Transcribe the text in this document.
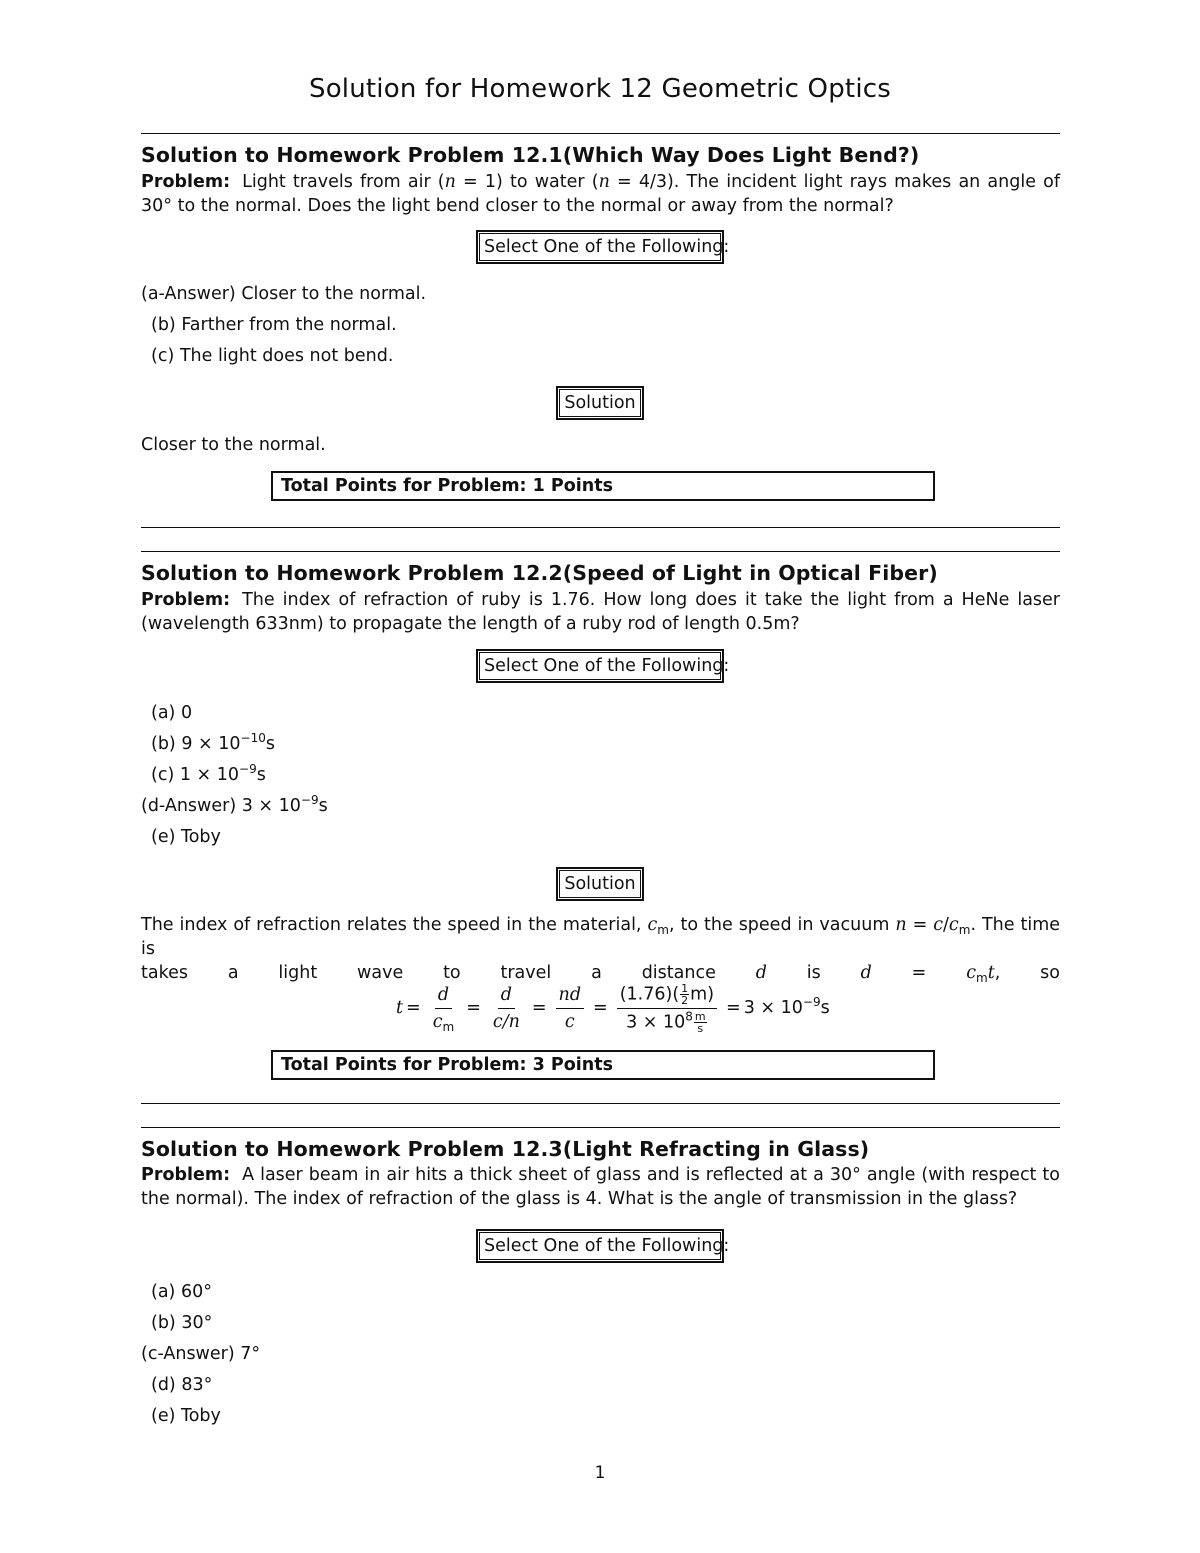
Solution for Homework 12 Geometric Optics
Solution to Homework Problem 12.1(Which Way Does Light Bend?)
Problem: Light travels from air (n = 1) to water (n = 4/3). The incident light rays makes an angle of 30° to the normal. Does the light bend closer to the normal or away from the normal?
Select One of the Following:
(a-Answer) Closer to the normal.
(b) Farther from the normal.
(c) The light does not bend.
Solution
Closer to the normal.
Total Points for Problem: 1 Points
Solution to Homework Problem 12.2(Speed of Light in Optical Fiber)
Problem: The index of refraction of ruby is 1.76. How long does it take the light from a HeNe laser (wavelength 633nm) to propagate the length of a ruby rod of length 0.5m?
Select One of the Following:
(a) 0
(b) $9 \times 10^{-10}s$
(c) $1 \times 10^{-9}s$
(d-Answer) $3 \times 10^{-9}s$
(e) Toby
Solution
The index of refraction relates the speed in the material, $c_m$, to the speed in vacuum $n = c/c_m$. The time is
takes a light wave to travel a distance d is $d = c_mt$, so
$t = \frac{d}{c_m} = \frac{d}{c/n} = \frac{nd}{c} = \frac{(1.76)( \frac{1}{2} m)}{3 \times 10^8 \frac{m}{s}} = 3 \times 10^{-9}s$
Total Points for Problem: 3 Points
Solution to Homework Problem 12.3(Light Refracting in Glass)
Problem: A laser beam in air hits a thick sheet of glass and is reflected at a 30° angle (with respect to the normal). The index of refraction of the glass is 4. What is the angle of transmission in the glass?
Select One of the Following:
(a) 60°
(b) 30°
(c-Answer) 7°
(d) 83°
(e) Toby
1
